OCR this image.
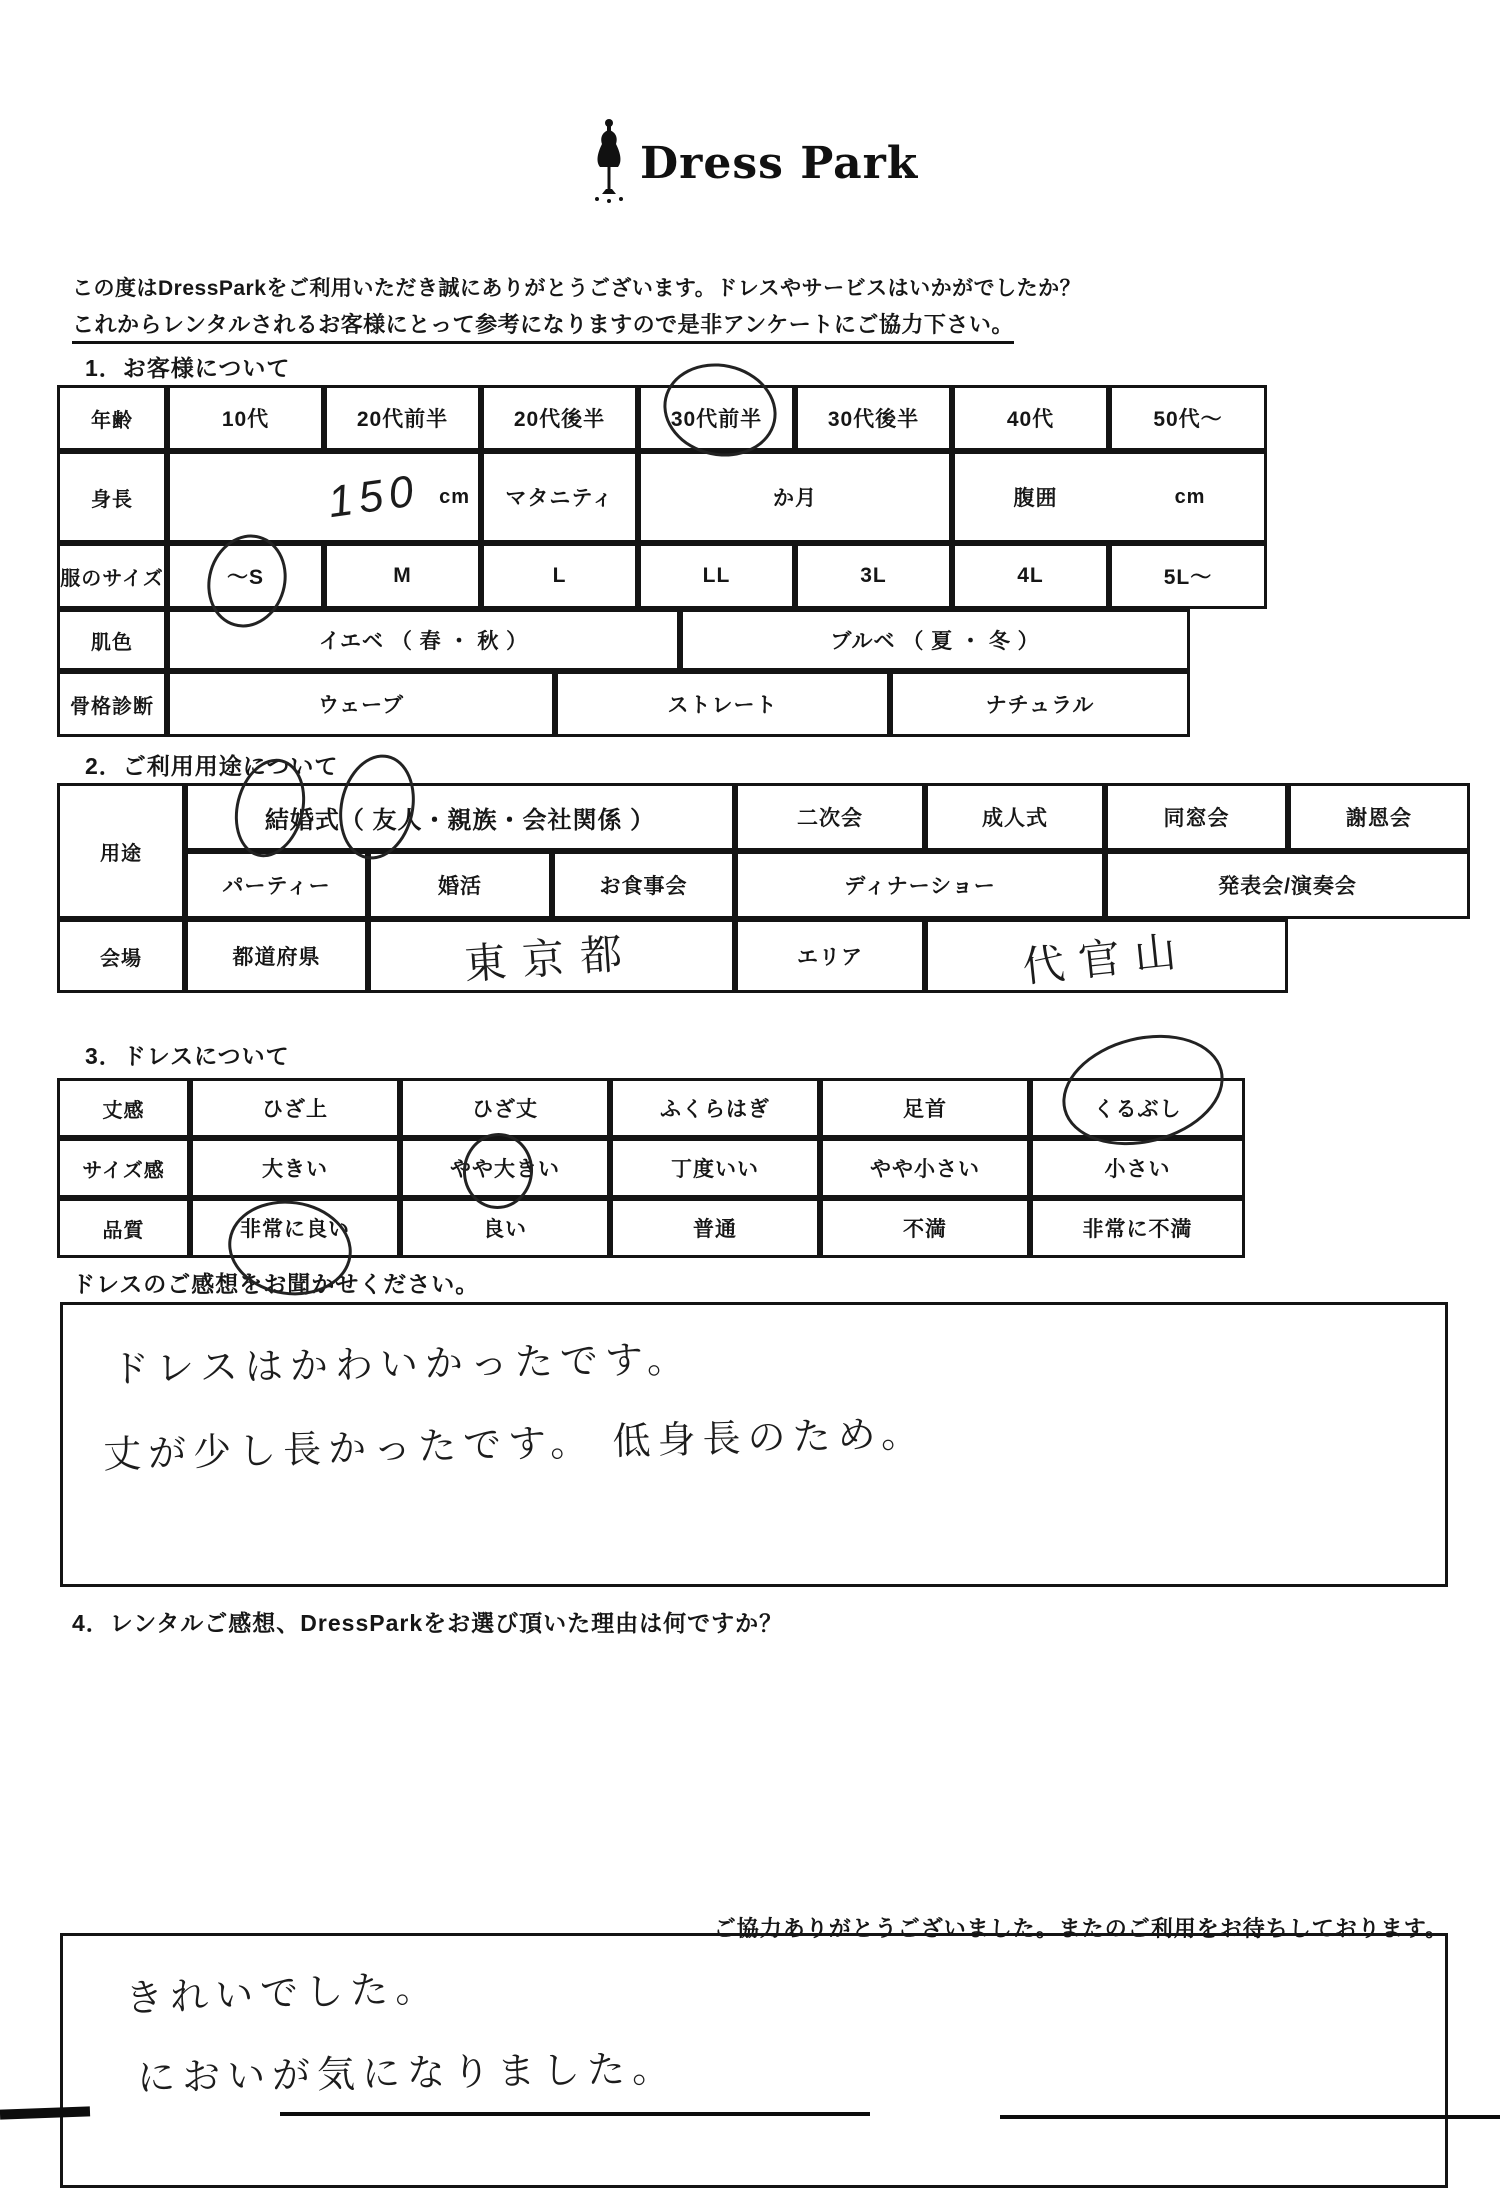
Dress Park
この度はDressParkをご利用いただき誠にありがとうございます。ドレスやサービスはいかがでしたか？
これからレンタルされるお客様にとって参考になりますので是非アンケートにご協力下さい。
1．お客様について
年齢	10代	20代前半	20代後半	30代前半	30代後半	40代	50代～
身長	150 cm	マタニティ	か月	腹囲	cm
服のサイズ	～S	M	L	LL	3L	4L	5L～
肌色	イエベ （ 春 ・ 秋 ）	ブルベ （ 夏 ・ 冬 ）
骨格診断	ウェーブ	ストレート	ナチュラル
2．ご利用用途について
用途
結婚式（ 友人・親族・会社関係 ）	二次会	成人式	同窓会	謝恩会
パーティー	婚活	お食事会	ディナーショー	発表会/演奏会
会場	都道府県	東京都	エリア	代官山
3．ドレスについて
丈感	ひざ上	ひざ丈	ふくらはぎ	足首	くるぶし
サイズ感	大きい	やや大きい	丁度いい	やや小さい	小さい
品質	非常に良い	良い	普通	不満	非常に不満
ドレスのご感想をお聞かせください。
ドレスはかわいかったです。
丈が少し長かったです。 低身長のため。
4．レンタルご感想、DressParkをお選び頂いた理由は何ですか？
きれいでした。
においが気になりました。
ご協力ありがとうございました。またのご利用をお待ちしております。
